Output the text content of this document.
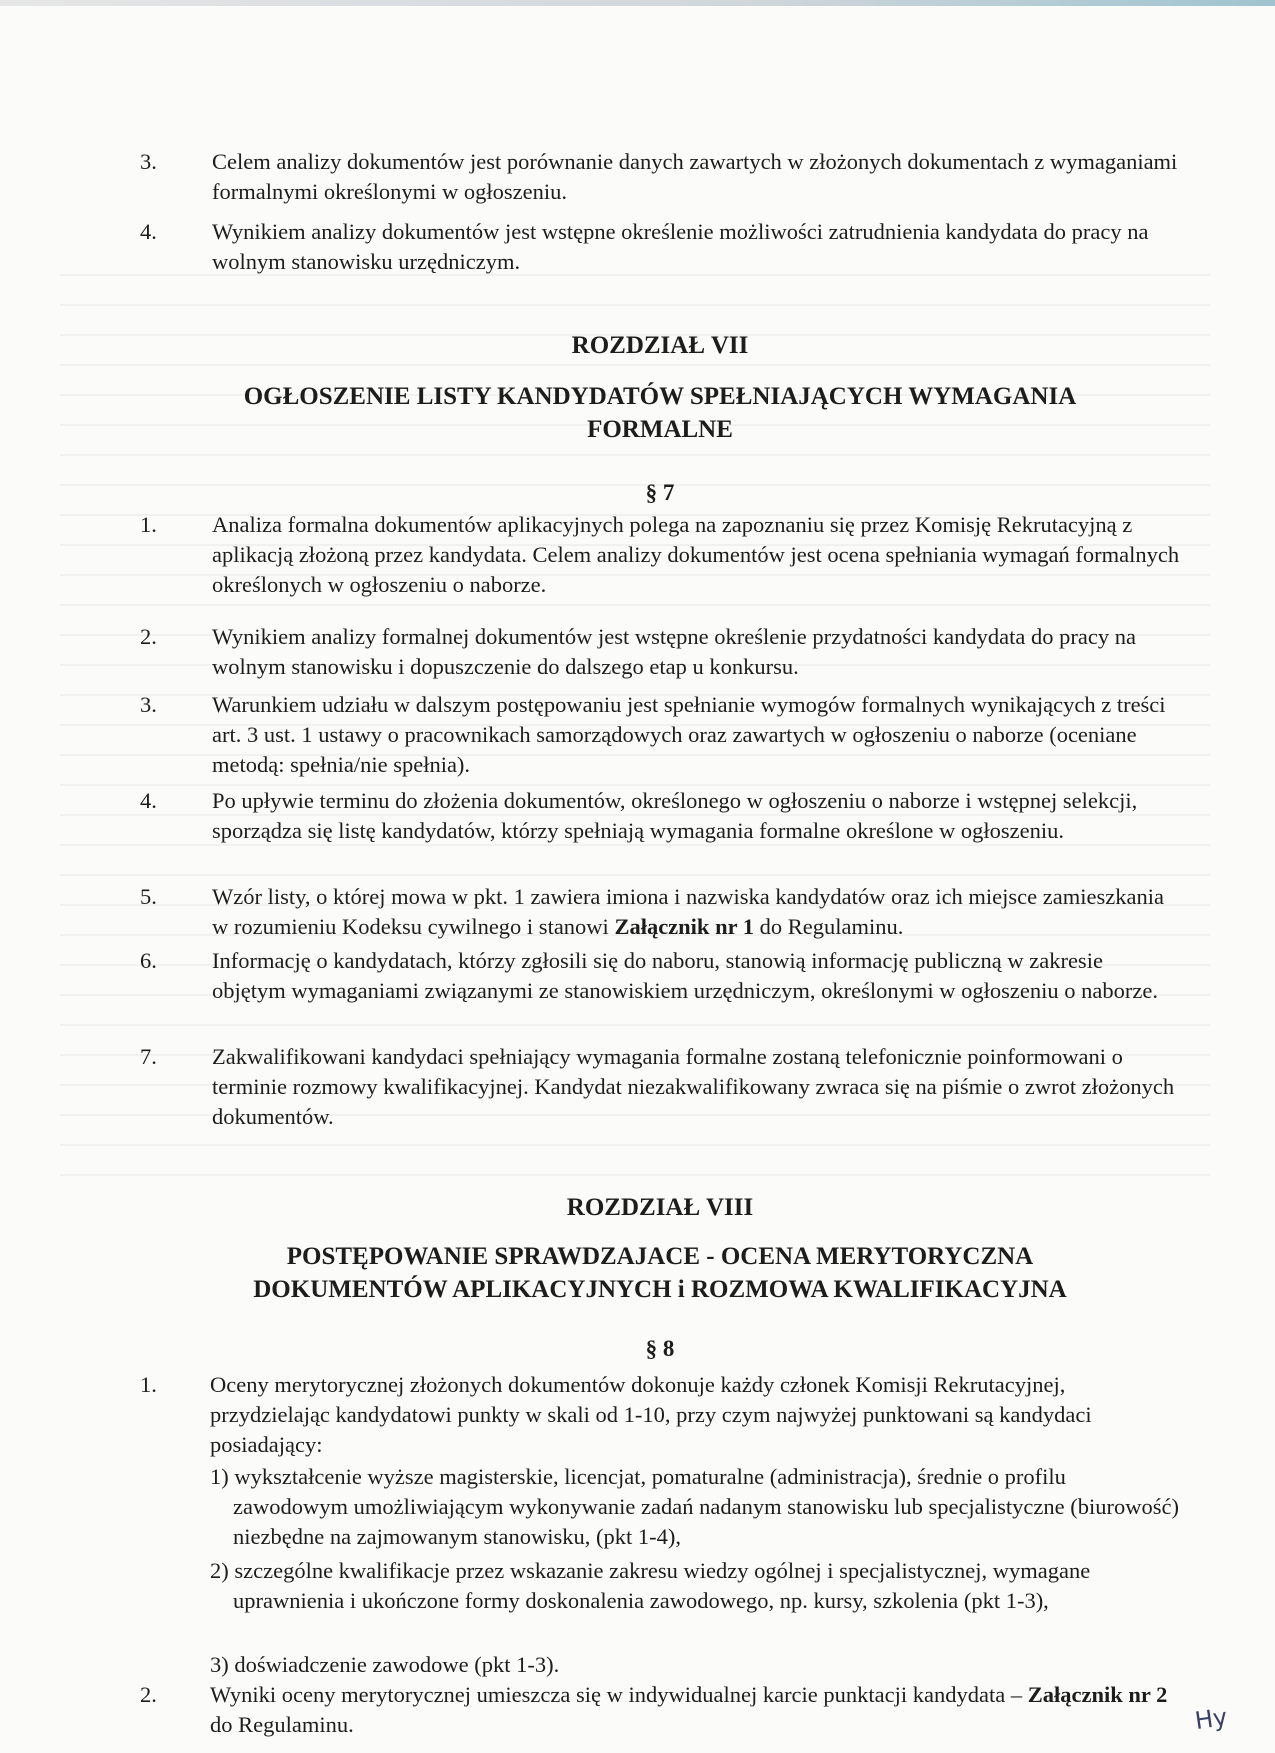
3.	Celem analizy dokumentów jest porównanie danych zawartych w złożonych dokumentach z wymaganiami formalnymi określonymi w ogłoszeniu.
4.	Wynikiem analizy dokumentów jest wstępne określenie możliwości zatrudnienia kandydata do pracy na wolnym stanowisku urzędniczym.
ROZDZIAŁ VII
OGŁOSZENIE LISTY KANDYDATÓW SPEŁNIAJĄCYCH WYMAGANIA FORMALNE
§ 7
1.	Analiza formalna dokumentów aplikacyjnych polega na zapoznaniu się przez Komisję Rekrutacyjną z aplikacją złożoną przez kandydata. Celem analizy dokumentów jest ocena spełniania wymagań formalnych określonych w ogłoszeniu o naborze.
2.	Wynikiem analizy formalnej dokumentów jest wstępne określenie przydatności kandydata do pracy na wolnym stanowisku i dopuszczenie do dalszego etap u konkursu.
3.	Warunkiem udziału w dalszym postępowaniu jest spełnianie wymogów formalnych wynikających z treści art. 3 ust. 1 ustawy o pracownikach samorządowych oraz zawartych w ogłoszeniu o naborze (oceniane metodą: spełnia/nie spełnia).
4.	Po upływie terminu do złożenia dokumentów, określonego w ogłoszeniu o naborze i wstępnej selekcji, sporządza się listę kandydatów, którzy spełniają wymagania formalne określone w ogłoszeniu.
5.	Wzór listy, o której mowa w pkt. 1 zawiera imiona i nazwiska kandydatów oraz ich miejsce zamieszkania w rozumieniu Kodeksu cywilnego i stanowi Załącznik nr 1 do Regulaminu.
6.	Informację o kandydatach, którzy zgłosili się do naboru, stanowią informację publiczną w zakresie objętym wymaganiami związanymi ze stanowiskiem urzędniczym, określonymi w ogłoszeniu o naborze.
7.	Zakwalifikowani kandydaci spełniający wymagania formalne zostaną telefonicznie poinformowani o terminie rozmowy kwalifikacyjnej. Kandydat niezakwalifikowany zwraca się na piśmie o zwrot złożonych dokumentów.
ROZDZIAŁ VIII
POSTĘPOWANIE SPRAWDZAJACE - OCENA MERYTORYCZNA
DOKUMENTÓW APLIKACYJNYCH i ROZMOWA KWALIFIKACYJNA
§ 8
1.	Oceny merytorycznej złożonych dokumentów dokonuje każdy członek Komisji Rekrutacyjnej, przydzielając kandydatowi punkty w skali od 1-10, przy czym najwyżej punktowani są kandydaci posiadający:
1) wykształcenie wyższe magisterskie, licencjat, pomaturalne (administracja), średnie o profilu zawodowym umożliwiającym wykonywanie zadań nadanym stanowisku lub specjalistyczne (biurowość) niezbędne na zajmowanym stanowisku, (pkt 1-4),
2) szczególne kwalifikacje przez wskazanie zakresu wiedzy ogólnej i specjalistycznej, wymagane uprawnienia i ukończone formy doskonalenia zawodowego, np. kursy, szkolenia (pkt 1-3),
3) doświadczenie zawodowe (pkt 1-3).
2.	Wyniki oceny merytorycznej umieszcza się w indywidualnej karcie punktacji kandydata – Załącznik nr 2 do Regulaminu.	Hy
